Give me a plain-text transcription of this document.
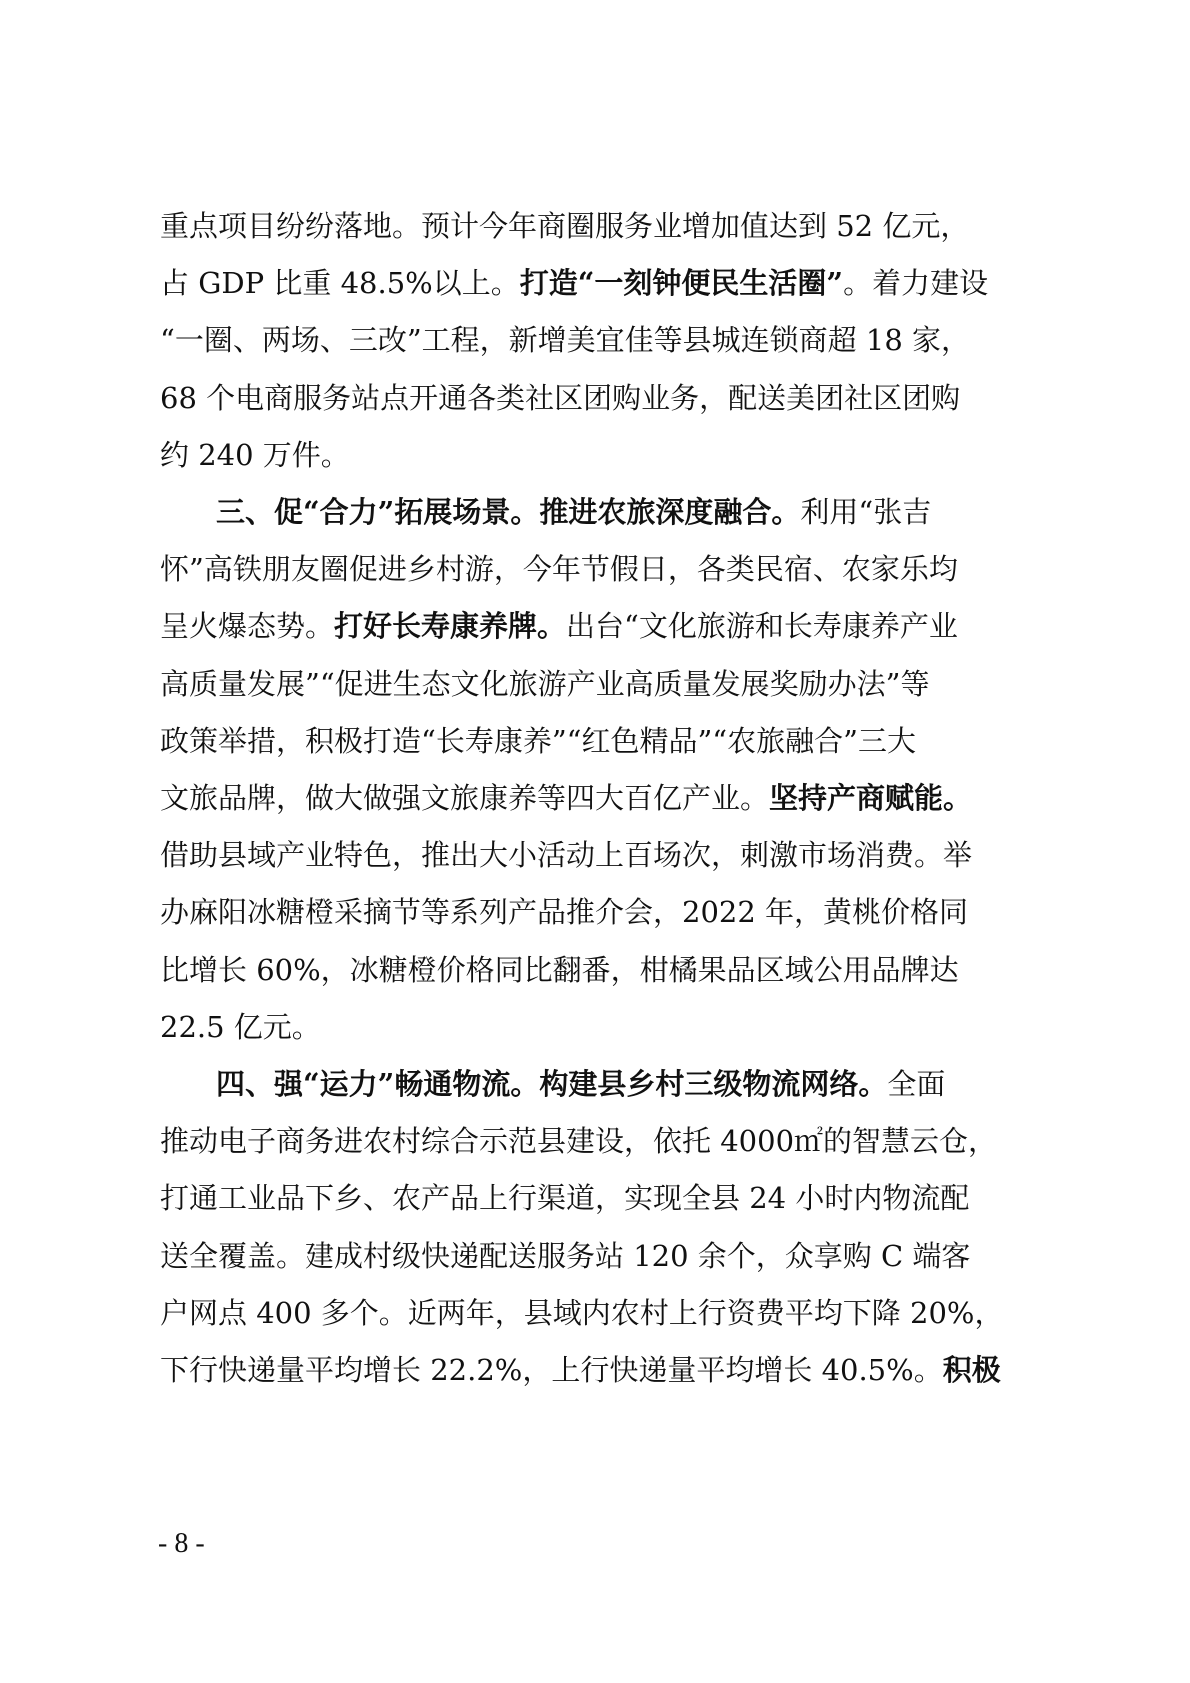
重点项目纷纷落地。预计今年商圈服务业增加值达到 52 亿元，
占 GDP 比重 48.5%以上。打造“一刻钟便民生活圈”。着力建设
“一圈、两场、三改”工程，新增美宜佳等县城连锁商超 18 家，
68 个电商服务站点开通各类社区团购业务，配送美团社区团购
约 240 万件。
三、促“合力”拓展场景。推进农旅深度融合。利用“张吉
怀”高铁朋友圈促进乡村游，今年节假日，各类民宿、农家乐均
呈火爆态势。打好长寿康养牌。出台“文化旅游和长寿康养产业
高质量发展”“促进生态文化旅游产业高质量发展奖励办法”等
政策举措，积极打造“长寿康养”“红色精品”“农旅融合”三大
文旅品牌，做大做强文旅康养等四大百亿产业。坚持产商赋能。
借助县域产业特色，推出大小活动上百场次，刺激市场消费。举
办麻阳冰糖橙采摘节等系列产品推介会，2022 年，黄桃价格同
比增长 60%，冰糖橙价格同比翻番，柑橘果品区域公用品牌达
22.5 亿元。
四、强“运力”畅通物流。构建县乡村三级物流网络。全面
推动电子商务进农村综合示范县建设，依托 4000㎡的智慧云仓，
打通工业品下乡、农产品上行渠道，实现全县 24 小时内物流配
送全覆盖。建成村级快递配送服务站 120 余个，众享购 C 端客
户网点 400 多个。近两年，县域内农村上行资费平均下降 20%，
下行快递量平均增长 22.2%，上行快递量平均增长 40.5%。积极
- 8 -
